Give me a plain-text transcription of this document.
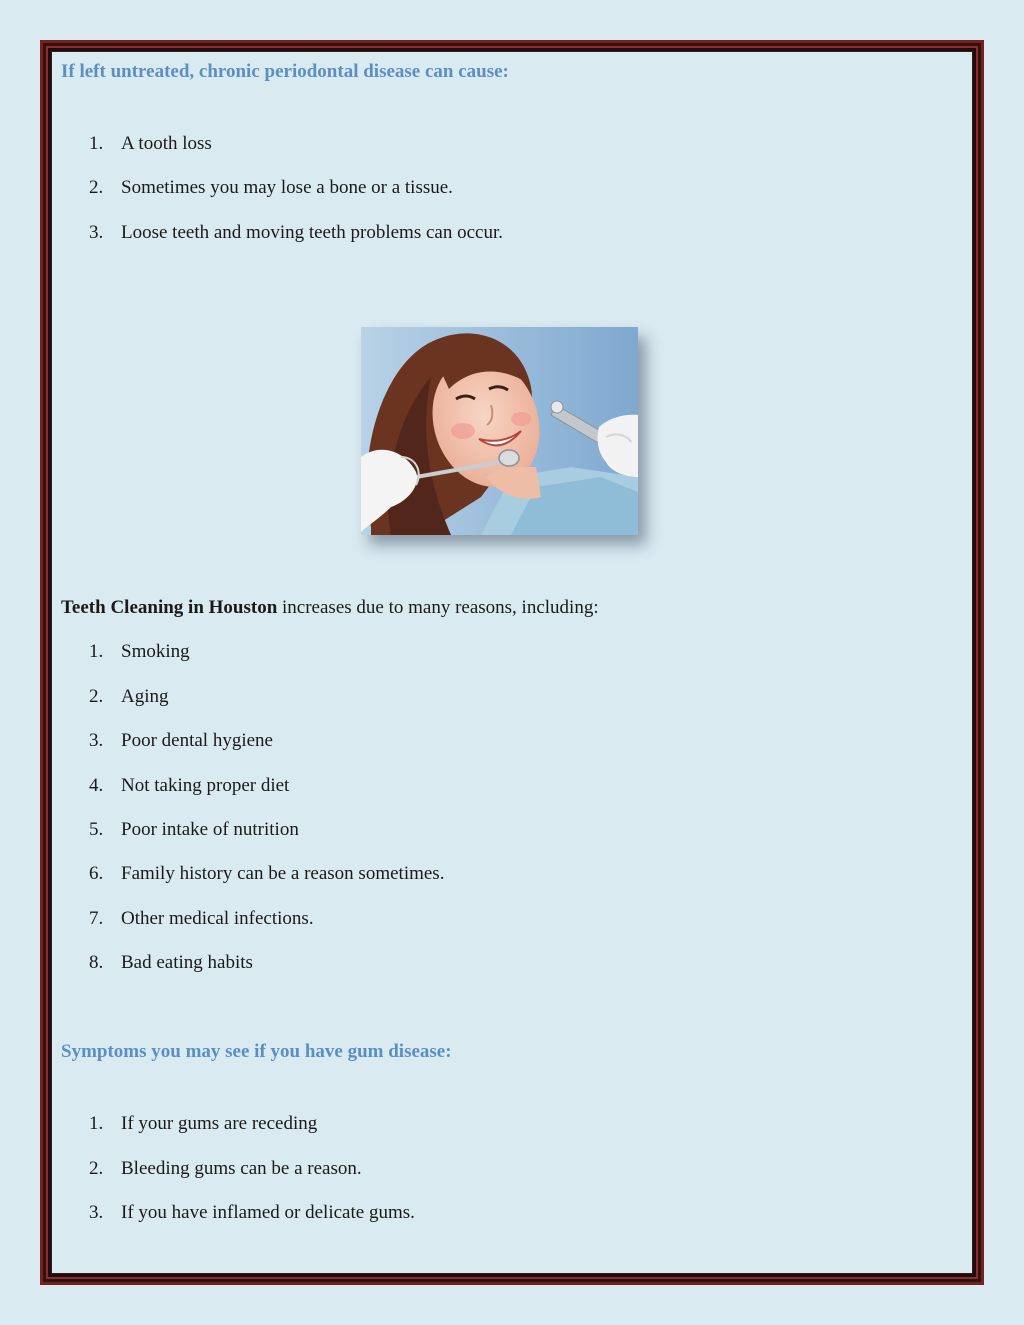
If left untreated, chronic periodontal disease can cause:
1. A tooth loss
2. Sometimes you may lose a bone or a tissue.
3. Loose teeth and moving teeth problems can occur.

Teeth Cleaning in Houston increases due to many reasons, including:

1. Smoking
2. Aging
3. Poor dental hygiene
4. Not taking proper diet
5. Poor intake of nutrition
6. Family history can be a reason sometimes.
7. Other medical infections.
8. Bad eating habits
Symptoms you may see if you have gum disease:
1. If your gums are receding
2. Bleeding gums can be a reason.
3. If you have inflamed or delicate gums.
